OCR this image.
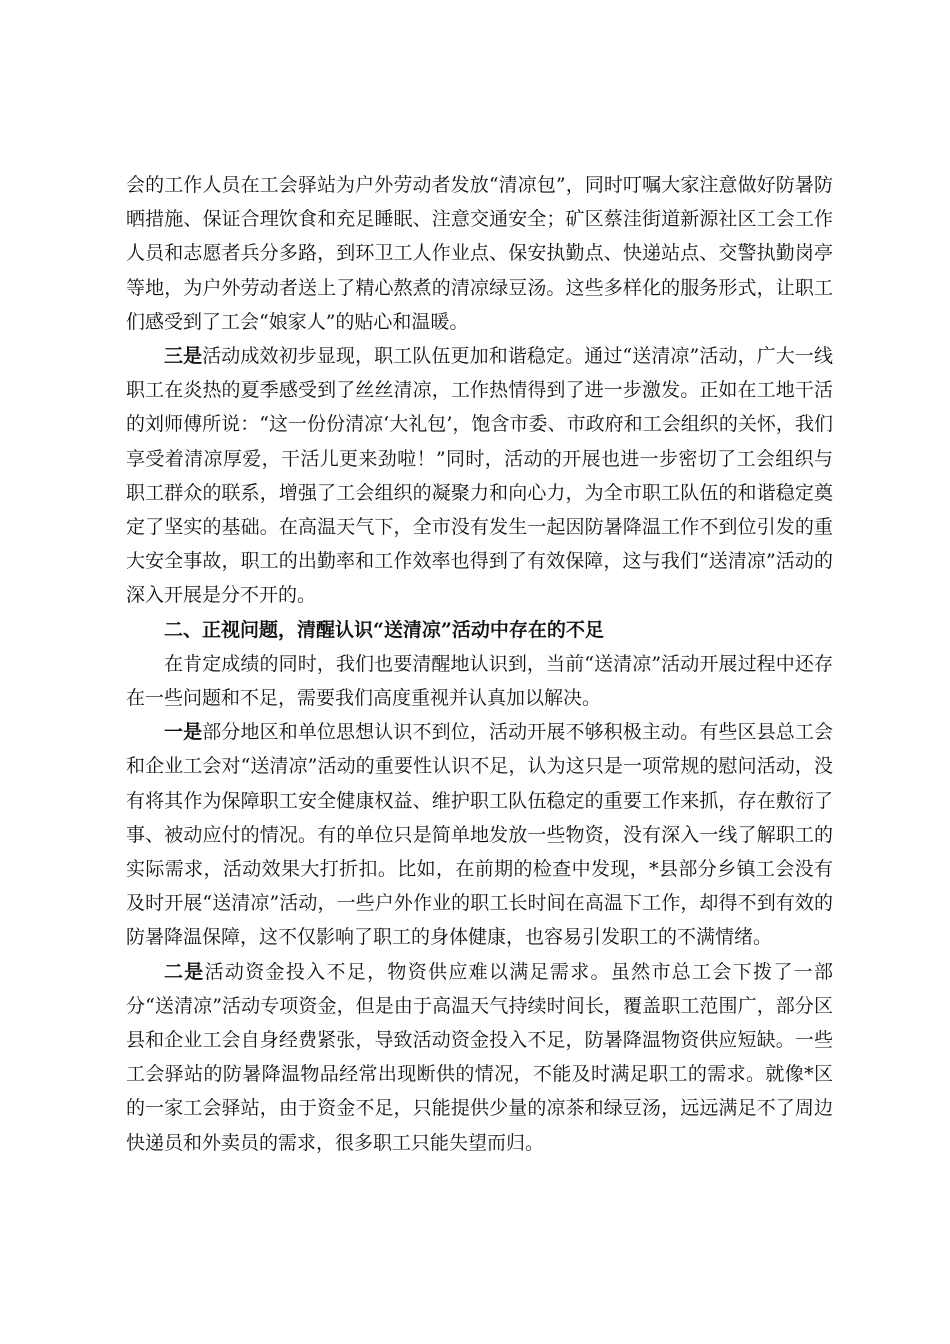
会的工作人员在工会驿站为户外劳动者发放“清凉包”，同时叮嘱大家注意做好防暑防晒措施、保证合理饮食和充足睡眠、注意交通安全；矿区蔡洼街道新源社区工会工作人员和志愿者兵分多路，到环卫工人作业点、保安执勤点、快递站点、交警执勤岗亭等地，为户外劳动者送上了精心熬煮的清凉绿豆汤。这些多样化的服务形式，让职工们感受到了工会“娘家人”的贴心和温暖。

三是活动成效初步显现，职工队伍更加和谐稳定。通过“送清凉”活动，广大一线职工在炎热的夏季感受到了丝丝清凉，工作热情得到了进一步激发。正如在工地干活的刘师傅所说：“这一份份清凉‘大礼包’，饱含市委、市政府和工会组织的关怀，我们享受着清凉厚爱，干活儿更来劲啦！”同时，活动的开展也进一步密切了工会组织与职工群众的联系，增强了工会组织的凝聚力和向心力，为全市职工队伍的和谐稳定奠定了坚实的基础。在高温天气下，全市没有发生一起因防暑降温工作不到位引发的重大安全事故，职工的出勤率和工作效率也得到了有效保障，这与我们“送清凉”活动的深入开展是分不开的。

二、正视问题，清醒认识“送清凉”活动中存在的不足

在肯定成绩的同时，我们也要清醒地认识到，当前“送清凉”活动开展过程中还存在一些问题和不足，需要我们高度重视并认真加以解决。

一是部分地区和单位思想认识不到位，活动开展不够积极主动。有些区县总工会和企业工会对“送清凉”活动的重要性认识不足，认为这只是一项常规的慰问活动，没有将其作为保障职工安全健康权益、维护职工队伍稳定的重要工作来抓，存在敷衍了事、被动应付的情况。有的单位只是简单地发放一些物资，没有深入一线了解职工的实际需求，活动效果大打折扣。比如，在前期的检查中发现，*县部分乡镇工会没有及时开展“送清凉”活动，一些户外作业的职工长时间在高温下工作，却得不到有效的防暑降温保障，这不仅影响了职工的身体健康，也容易引发职工的不满情绪。

二是活动资金投入不足，物资供应难以满足需求。虽然市总工会下拨了一部分“送清凉”活动专项资金，但是由于高温天气持续时间长，覆盖职工范围广，部分区县和企业工会自身经费紧张，导致活动资金投入不足，防暑降温物资供应短缺。一些工会驿站的防暑降温物品经常出现断供的情况，不能及时满足职工的需求。就像*区的一家工会驿站，由于资金不足，只能提供少量的凉茶和绿豆汤，远远满足不了周边快递员和外卖员的需求，很多职工只能失望而归。
